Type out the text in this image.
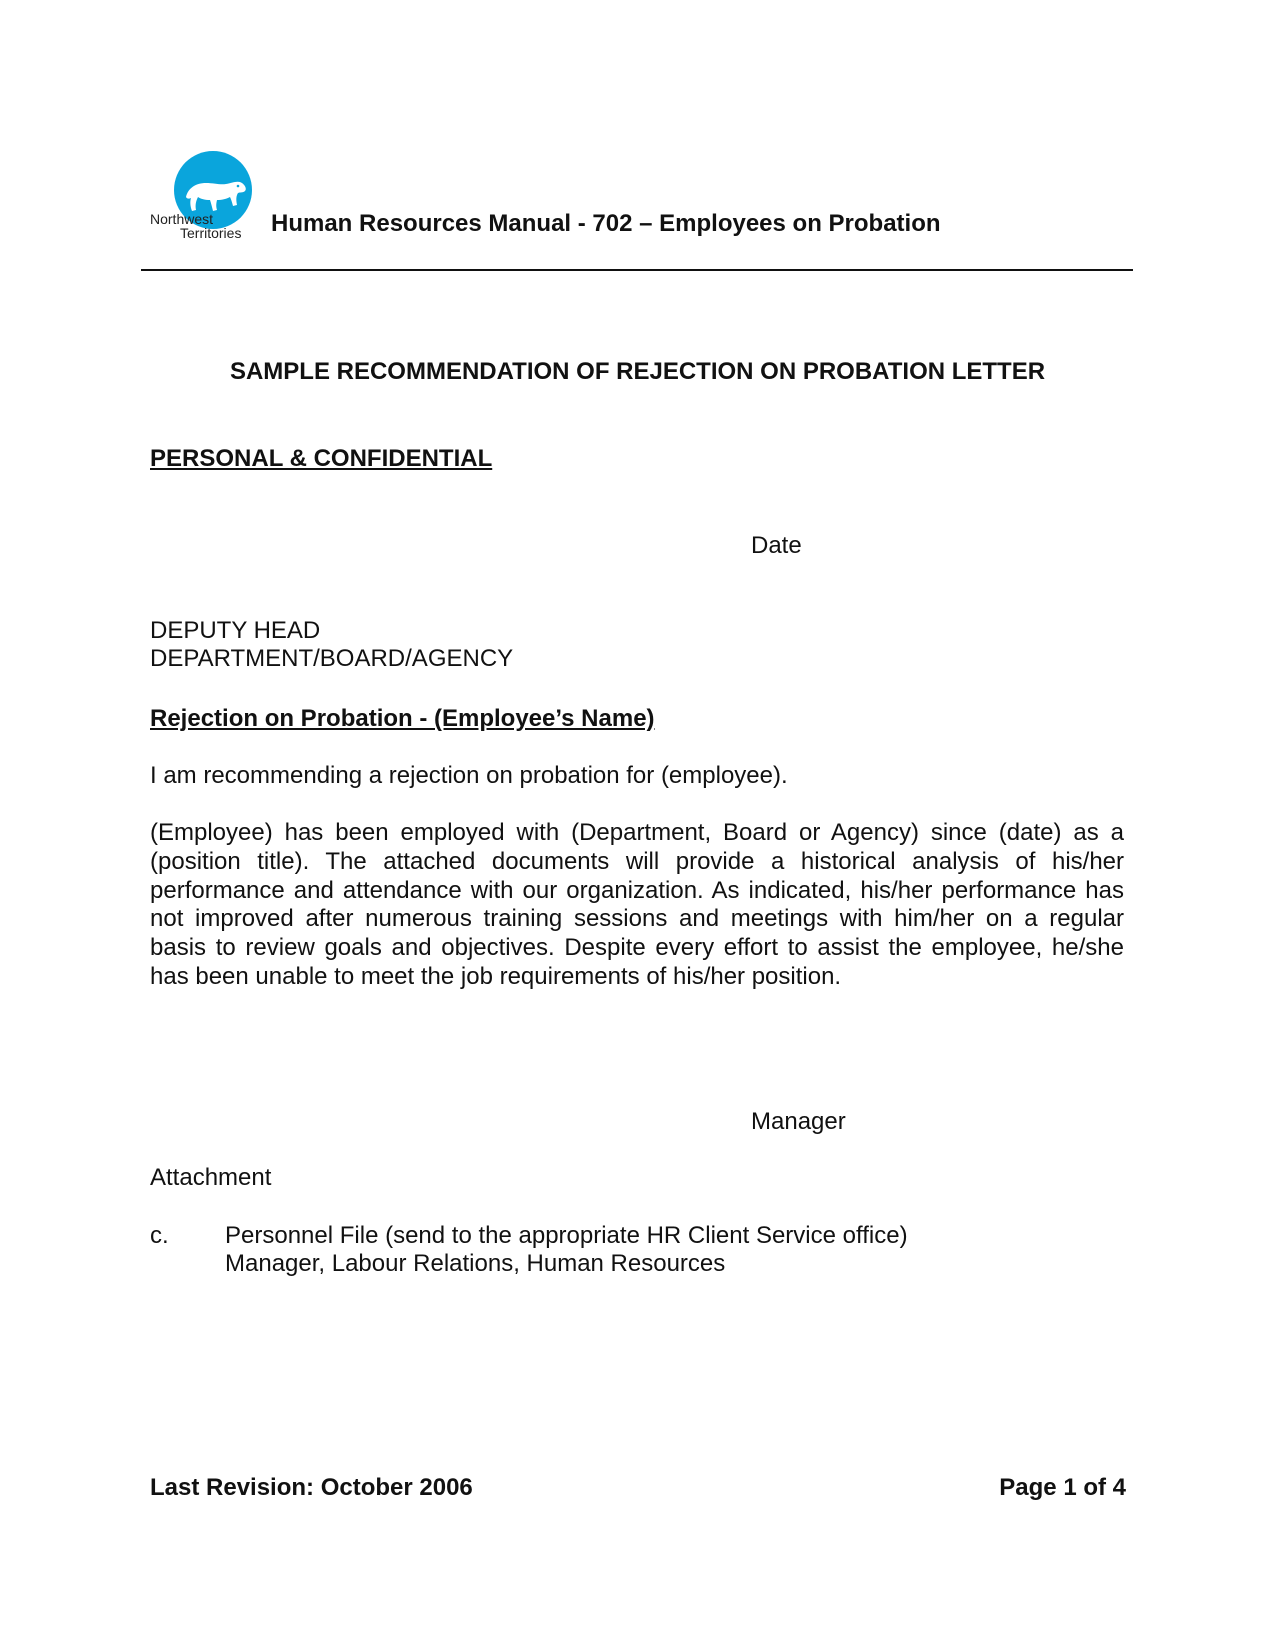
Northwest
Territories Human Resources Manual - 702 – Employees on Probation
SAMPLE RECOMMENDATION OF REJECTION ON PROBATION LETTER
PERSONAL & CONFIDENTIAL
Date
DEPUTY HEAD
DEPARTMENT/BOARD/AGENCY
Rejection on Probation - (Employee’s Name)
I am recommending a rejection on probation for (employee).
(Employee) has been employed with (Department, Board or Agency) since (date) as a (position title). The attached documents will provide a historical analysis of his/her performance and attendance with our organization. As indicated, his/her performance has not improved after numerous training sessions and meetings with him/her on a regular basis to review goals and objectives. Despite every effort to assist the employee, he/she has been unable to meet the job requirements of his/her position.
Manager
Attachment
c. Personnel File (send to the appropriate HR Client Service office)
Manager, Labour Relations, Human Resources
Last Revision: October 2006	Page 1 of 4
